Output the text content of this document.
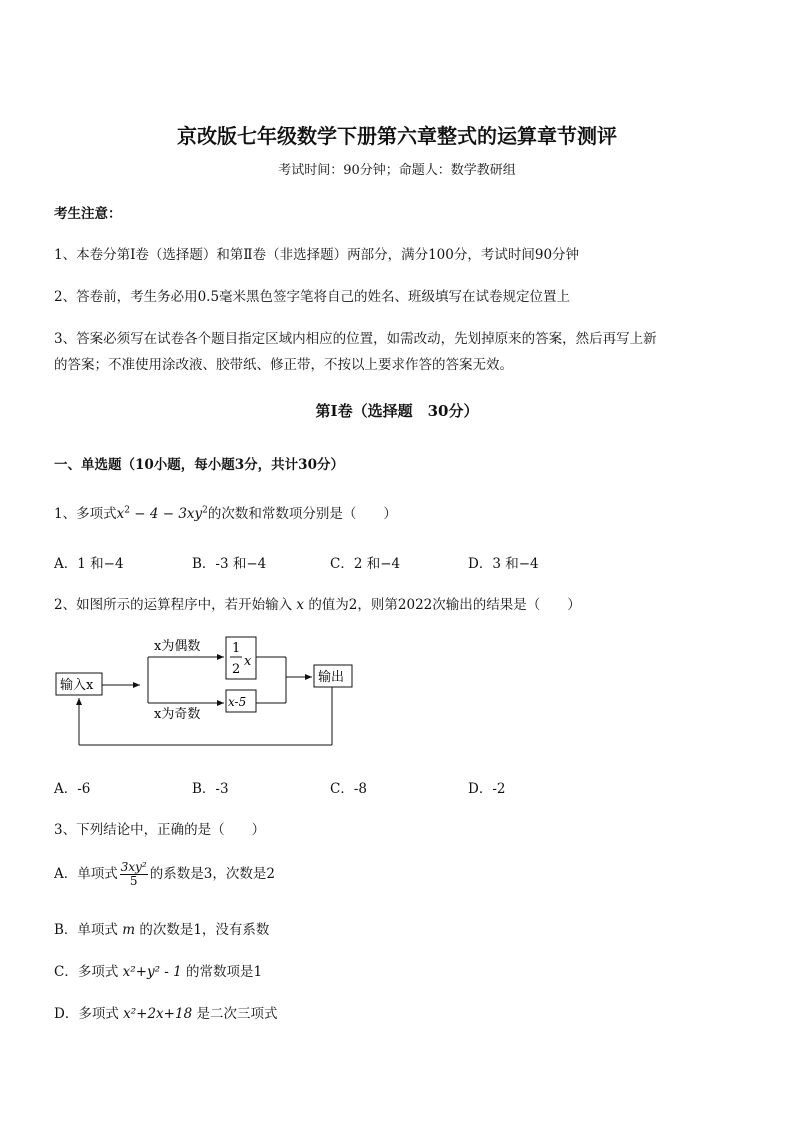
京改版七年级数学下册第六章整式的运算章节测评
考试时间：90分钟；命题人：数学教研组
考生注意：
1、本卷分第Ⅰ卷（选择题）和第Ⅱ卷（非选择题）两部分，满分100分，考试时间90分钟
2、答卷前，考生务必用0.5毫米黑色签字笔将自己的姓名、班级填写在试卷规定位置上
3、答案必须写在试卷各个题目指定区域内相应的位置，如需改动，先划掉原来的答案，然后再写上新
的答案；不准使用涂改液、胶带纸、修正带，不按以上要求作答的答案无效。
第Ⅰ卷（选择题　30分）
一、单选题（10小题，每小题3分，共计30分）
1、多项式$x^2 - 4 - 3xy^2$的次数和常数项分别是（　　）
A．1 和−4	B．-3 和−4	C．2 和−4	D．3 和−4
2、如图所示的运算程序中，若开始输入 x 的值为2，则第2022次输出的结果是（　　）
输入x
x为偶数
x为奇数
1
2
x
x-5
输出
A．-6	B．-3	C．-8	D．-2
3、下列结论中，正确的是（　　）
A．单项式 $\frac{\text{3xy²}}{5}$ 的系数是3，次数是2
B．单项式 m 的次数是1，没有系数
C．多项式 x²+y² - 1 的常数项是1
D．多项式 x²+2x+18 是二次三项式
